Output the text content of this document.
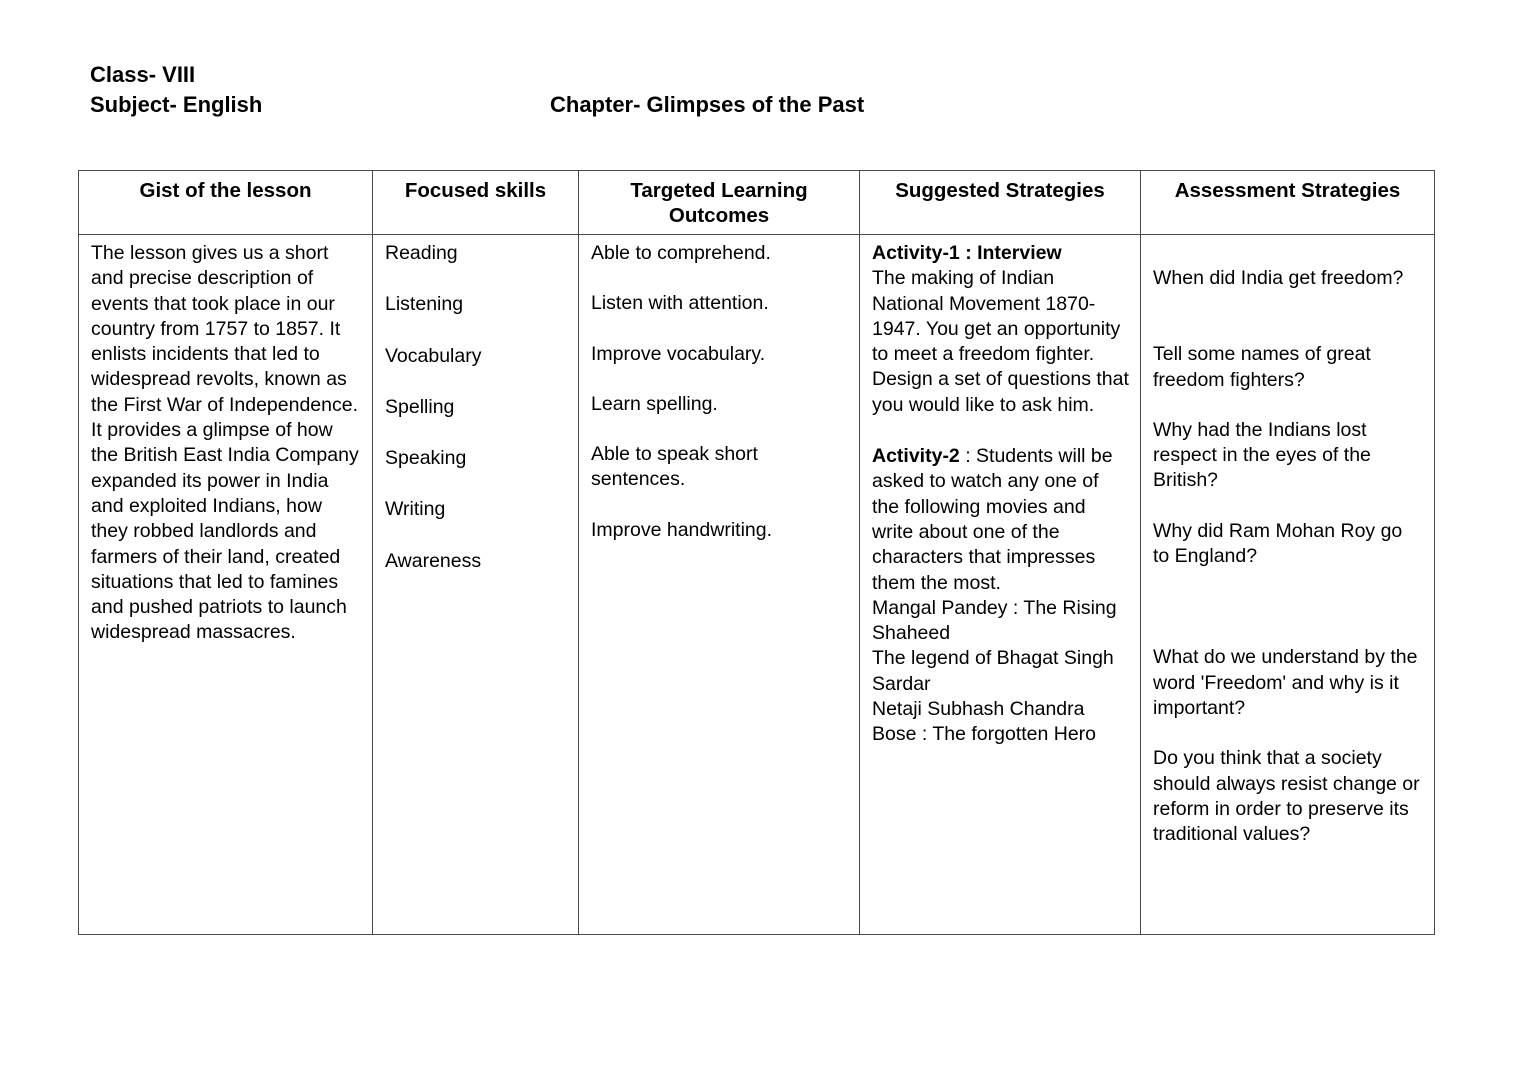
Class- VIII
Subject- English	Chapter- Glimpses of the Past
Gist of the lesson	Focused skills	Targeted Learning Outcomes	Suggested Strategies	Assessment Strategies

The lesson gives us a short and precise description of events that took place in our country from 1757 to 1857. It enlists incidents that led to widespread revolts, known as the First War of Independence. It provides a glimpse of how the British East India Company expanded its power in India and exploited Indians, how they robbed landlords and farmers of their land, created situations that led to famines and pushed patriots to launch widespread massacres.

Reading
Listening
Vocabulary
Spelling
Speaking
Writing
Awareness

Able to comprehend.
Listen with attention.
Improve vocabulary.
Learn spelling.
Able to speak short sentences.
Improve handwriting.

Activity-1 : Interview
The making of Indian National Movement 1870-1947. You get an opportunity to meet a freedom fighter.
Design a set of questions that you would like to ask him.
Activity-2 : Students will be asked to watch any one of the following movies and write about one of the characters that impresses them the most.
Mangal Pandey : The Rising
Shaheed
The legend of Bhagat Singh
Sardar
Netaji Subhash Chandra Bose : The forgotten Hero

When did India get freedom?
Tell some names of great freedom fighters?
Why had the Indians lost respect in the eyes of the British?
Why did Ram Mohan Roy go to England?
What do we understand by the word 'Freedom' and why is it important?
Do you think that a society should always resist change or reform in order to preserve its traditional values?
